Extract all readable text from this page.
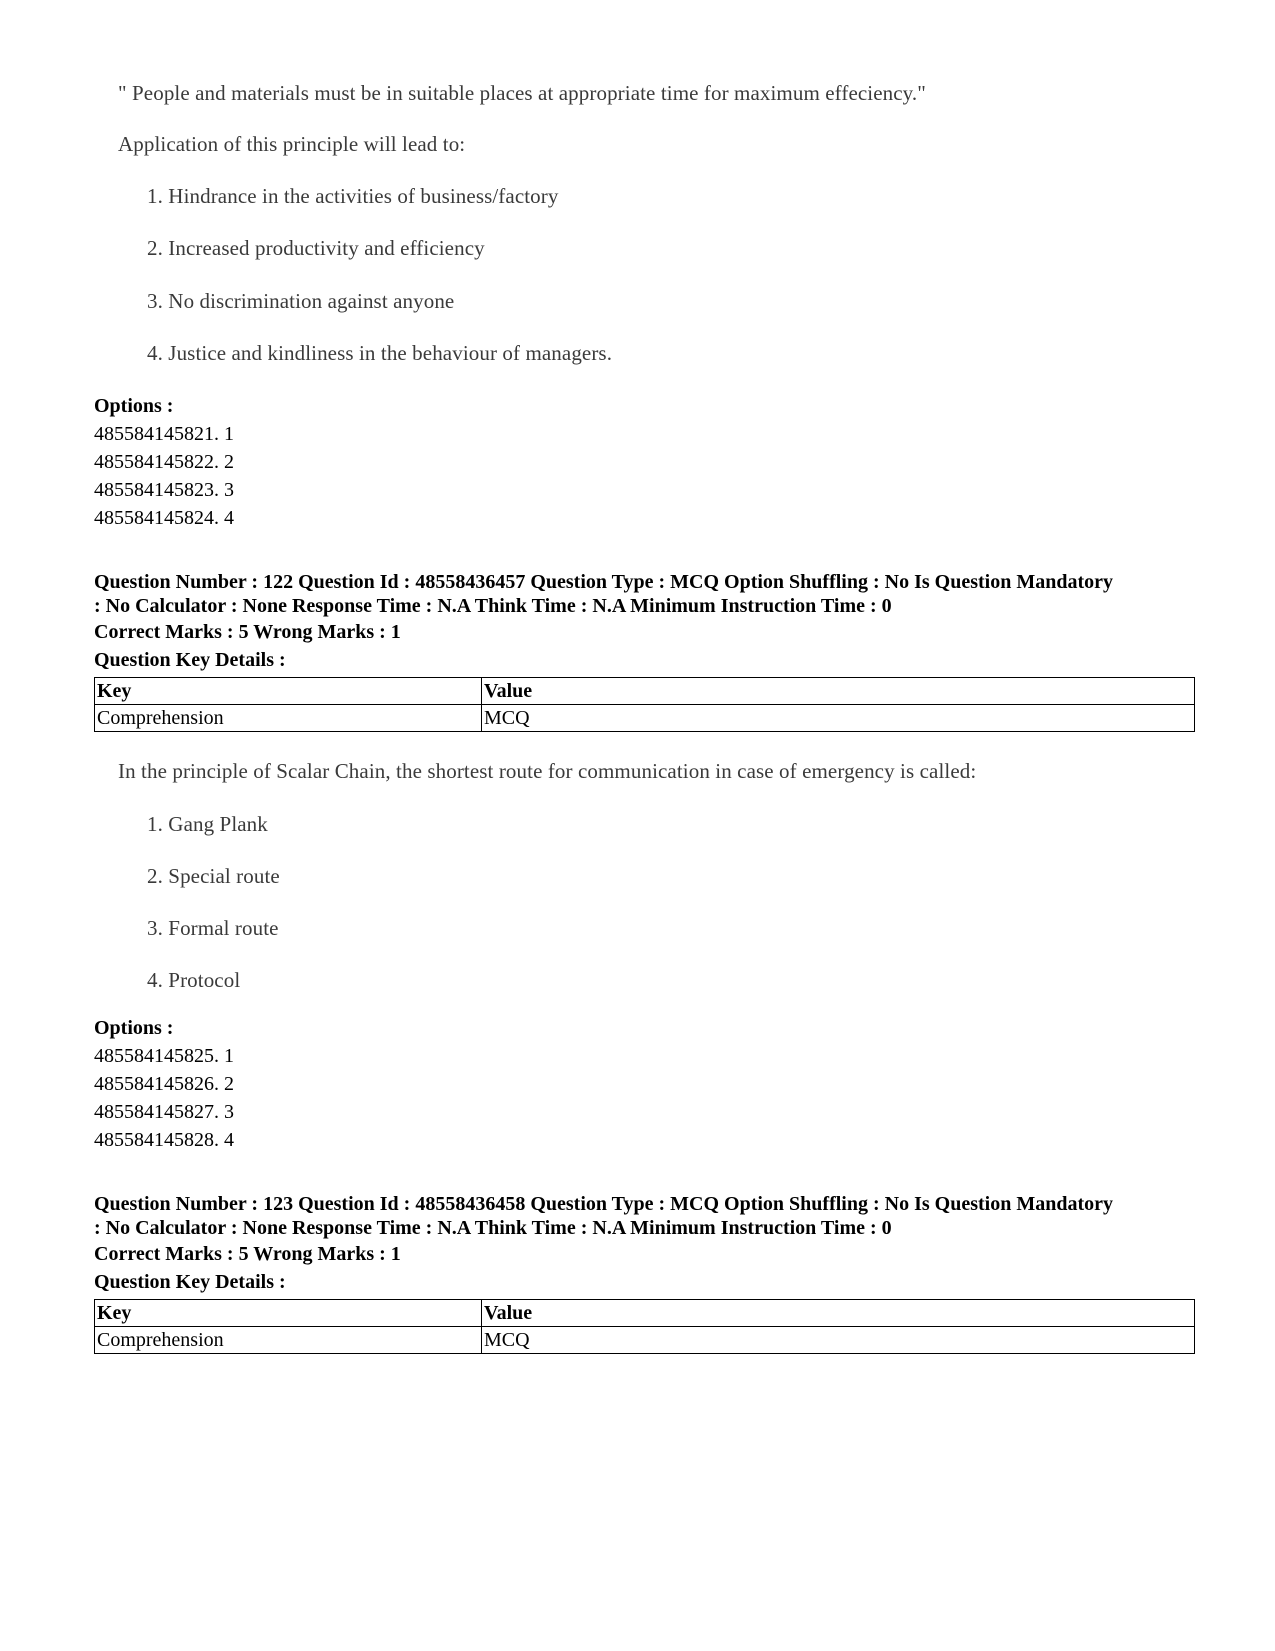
" People and materials must be in suitable places at appropriate time for maximum effeciency."
Application of this principle will lead to:
1. Hindrance in the activities of business/factory
2. Increased productivity and efficiency
3. No discrimination against anyone
4. Justice and kindliness in the behaviour of managers.
Options :
485584145821. 1
485584145822. 2
485584145823. 3
485584145824. 4
Question Number : 122 Question Id : 48558436457 Question Type : MCQ Option Shuffling : No Is Question Mandatory
: No Calculator : None Response Time : N.A Think Time : N.A Minimum Instruction Time : 0
Correct Marks : 5 Wrong Marks : 1
Question Key Details :
Key	Value
Comprehension	MCQ
In the principle of Scalar Chain, the shortest route for communication in case of emergency is called:
1. Gang Plank
2. Special route
3. Formal route
4. Protocol
Options :
485584145825. 1
485584145826. 2
485584145827. 3
485584145828. 4
Question Number : 123 Question Id : 48558436458 Question Type : MCQ Option Shuffling : No Is Question Mandatory
: No Calculator : None Response Time : N.A Think Time : N.A Minimum Instruction Time : 0
Correct Marks : 5 Wrong Marks : 1
Question Key Details :
Key	Value
Comprehension	MCQ
